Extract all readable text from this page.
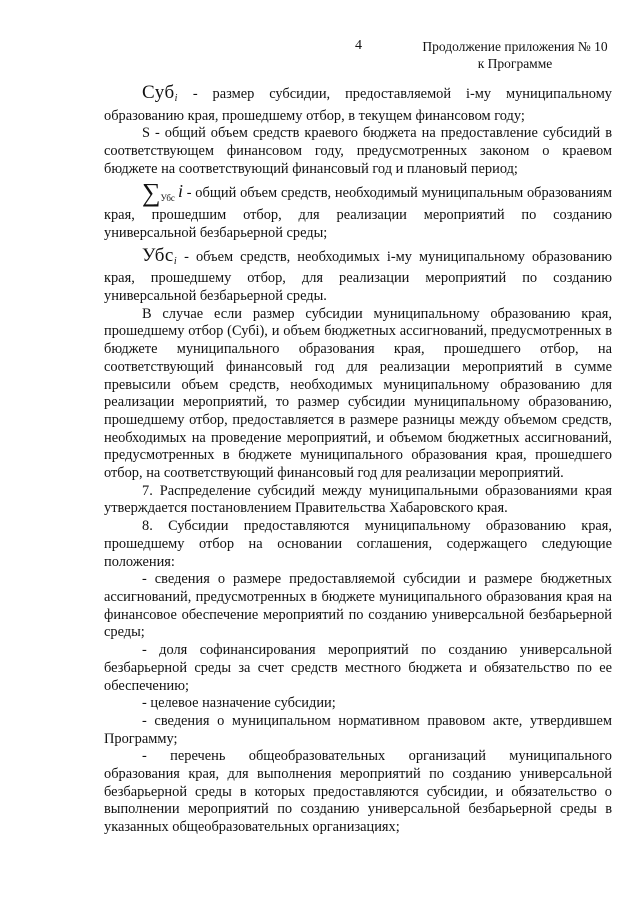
4	Продолжение приложения № 10
к Программе

Суб$_i$ - размер субсидии, предоставляемой i-му муниципальному образованию края, прошедшему отбор, в текущем финансовом году;

S - общий объем средств краевого бюджета на предоставление субсидий в соответствующем финансовом году, предусмотренных законом о краевом бюджете на соответствующий финансовый год и плановый период;

$\sum_{Убс}$ i - общий объем средств, необходимый муниципальным образованиям края, прошедшим отбор, для реализации мероприятий по созданию универсальной безбарьерной среды;

Убс$_i$ - объем средств, необходимых i-му муниципальному образованию края, прошедшему отбор, для реализации мероприятий по созданию универсальной безбарьерной среды.

В случае если размер субсидии муниципальному образованию края, прошедшему отбор (Субi), и объем бюджетных ассигнований, предусмотренных в бюджете муниципального образования края, прошедшего отбор, на соответствующий финансовый год для реализации мероприятий в сумме превысили объем средств, необходимых муниципальному образованию для реализации мероприятий, то размер субсидии муниципальному образованию, прошедшему отбор, предоставляется в размере разницы между объемом средств, необходимых на проведение мероприятий, и объемом бюджетных ассигнований, предусмотренных в бюджете муниципального образования края, прошедшего отбор, на соответствующий финансовый год для реализации мероприятий.

7. Распределение субсидий между муниципальными образованиями края утверждается постановлением Правительства Хабаровского края.

8. Субсидии предоставляются муниципальному образованию края, прошедшему отбор на основании соглашения, содержащего следующие положения:

- сведения о размере предоставляемой субсидии и размере бюджетных ассигнований, предусмотренных в бюджете муниципального образования края на финансовое обеспечение мероприятий по созданию универсальной безбарьерной среды;

- доля софинансирования мероприятий по созданию универсальной безбарьерной среды за счет средств местного бюджета и обязательство по ее обеспечению;

- целевое назначение субсидии;

- сведения о муниципальном нормативном правовом акте, утвердившем Программу;

- перечень общеобразовательных организаций муниципального образования края, для выполнения мероприятий по созданию универсальной безбарьерной среды в которых предоставляются субсидии, и обязательство о выполнении мероприятий по созданию универсальной безбарьерной среды в указанных общеобразовательных организациях;
